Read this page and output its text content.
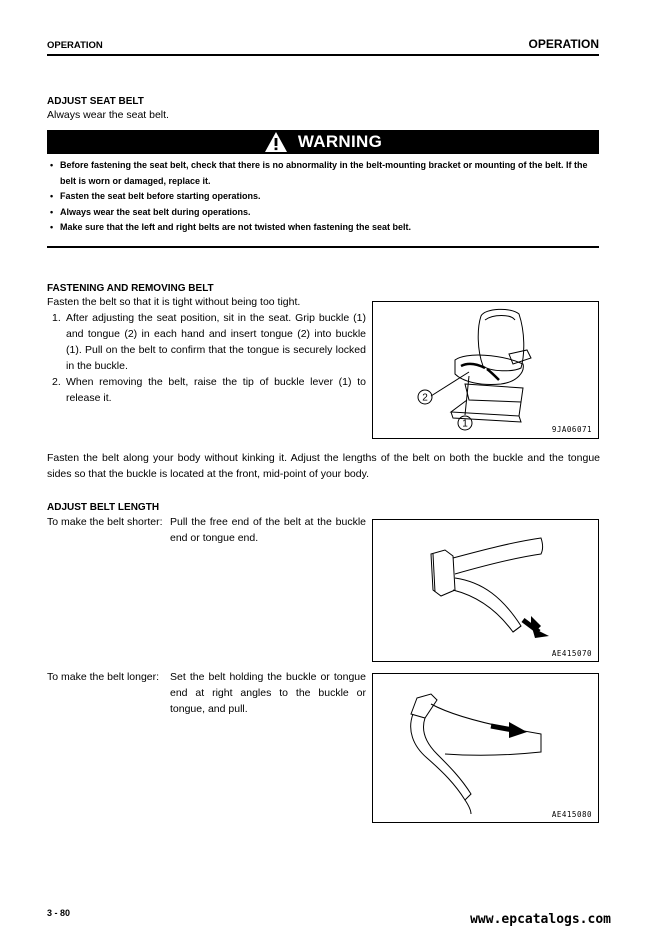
OPERATION	OPERATION
ADJUST SEAT BELT
Always wear the seat belt.
WARNING
• Before fastening the seat belt, check that there is no abnormality in the belt-mounting bracket or mounting of the belt. If the belt is worn or damaged, replace it.
• Fasten the seat belt before starting operations.
• Always wear the seat belt during operations.
• Make sure that the left and right belts are not twisted when fastening the seat belt.
FASTENING AND REMOVING BELT
Fasten the belt so that it is tight without being too tight.
1. After adjusting the seat position, sit in the seat. Grip buckle (1) and tongue (2) in each hand and insert tongue (2) into buckle (1). Pull on the belt to confirm that the tongue is securely locked in the buckle.
2. When removing the belt, raise the tip of buckle lever (1) to release it.	2
1	9JA06071
Fasten the belt along your body without kinking it. Adjust the lengths of the belt on both the buckle and the tongue sides so that the buckle is located at the front, mid-point of your body.
ADJUST BELT LENGTH
To make the belt shorter: Pull the free end of the belt at the buckle end or tongue end.
AE415070
To make the belt longer: Set the belt holding the buckle or tongue end at right angles to the buckle or tongue, and pull.
AE415080
3 - 80	www.epcatalogs.com
